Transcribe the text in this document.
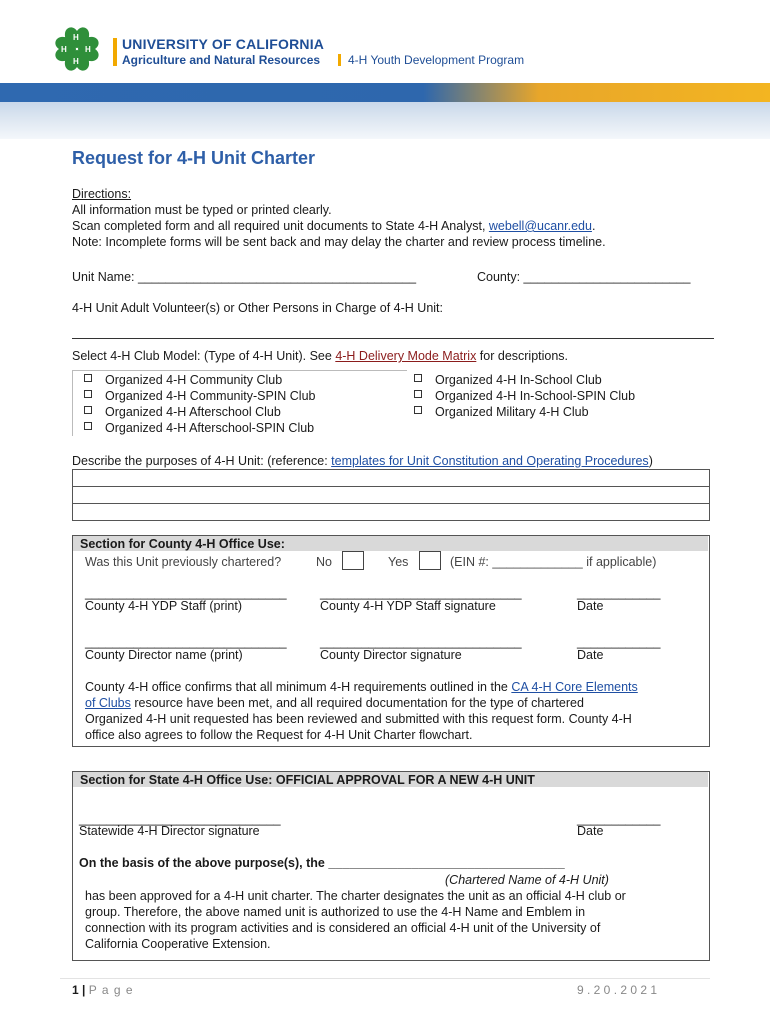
H
H
H
H	UNIVERSITY OF CALIFORNIA
Agriculture and Natural Resources 4-H Youth Development Program
Request for 4-H Unit Charter
Directions:
All information must be typed or printed clearly.
Scan completed form and all required unit documents to State 4-H Analyst, webell@ucanr.edu.
Note: Incomplete forms will be sent back and may delay the charter and review process timeline.
Unit Name: ________________________________________	County: ________________________
4-H Unit Adult Volunteer(s) or Other Persons in Charge of 4-H Unit:
Select 4-H Club Model: (Type of 4-H Unit). See 4-H Delivery Mode Matrix for descriptions.
Organized 4-H Community Club
Organized 4-H Community-SPIN Club
Organized 4-H Afterschool Club
Organized 4-H Afterschool-SPIN Club
Organized 4-H In-School Club
Organized 4-H In-School-SPIN Club
Organized Military 4-H Club
Describe the purposes of 4-H Unit: (reference: templates for Unit Constitution and Operating Procedures)
Section for County 4-H Office Use:
Was this Unit previously chartered?	No	Yes	(EIN #: _____________ if applicable)
_____________________________	_____________________________	____________
County 4-H YDP Staff (print)	County 4-H YDP Staff signature	Date
_____________________________	_____________________________	____________
County Director name (print)	County Director signature	Date
County 4-H office confirms that all minimum 4-H requirements outlined in the CA 4-H Core Elements
of Clubs resource have been met, and all required documentation for the type of chartered
Organized 4-H unit requested has been reviewed and submitted with this request form. County 4-H
office also agrees to follow the Request for 4-H Unit Charter flowchart.
Section for State 4-H Office Use: OFFICIAL APPROVAL FOR A NEW 4-H UNIT
_____________________________	____________
Statewide 4-H Director signature	Date
On the basis of the above purpose(s), the __________________________________
(Chartered Name of 4-H Unit)
has been approved for a 4-H unit charter. The charter designates the unit as an official 4-H club or
group. Therefore, the above named unit is authorized to use the 4-H Name and Emblem in
connection with its program activities and is considered an official 4-H unit of the University of
California Cooperative Extension.
1 | P a g e	9 . 2 0 . 2 0 2 1
